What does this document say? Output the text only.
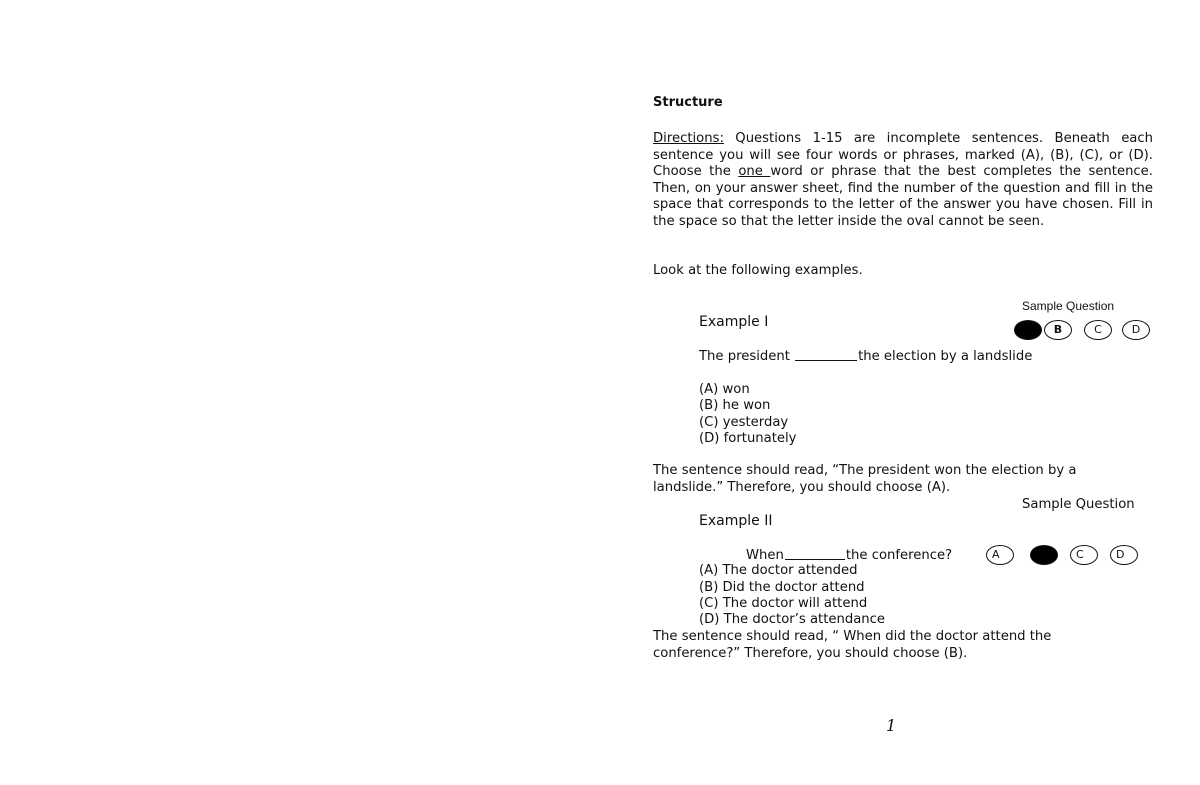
Structure
Directions: Questions 1-15 are incomplete sentences. Beneath each sentence you will see four words or phrases, marked (A), (B), (C), or (D). Choose the one word or phrase that the best completes the sentence. Then, on your answer sheet, find the number of the question and fill in the space that corresponds to the letter of the answer you have chosen. Fill in the space so that the letter inside the oval cannot be seen.
Look at the following examples.
Sample Question
Example I	B	C	D
The president	the election by a landslide
(A) won
(B) he won
(C) yesterday
(D) fortunately
The sentence should read, “The president won the election by a landslide.” Therefore, you should choose (A).
Sample Question
Example II
When	the conference?	A	C	D
(A) The doctor attended
(B) Did the doctor attend
(C) The doctor will attend
(D) The doctor’s attendance
The sentence should read, “ When did the doctor attend the conference?” Therefore, you should choose (B).
1
